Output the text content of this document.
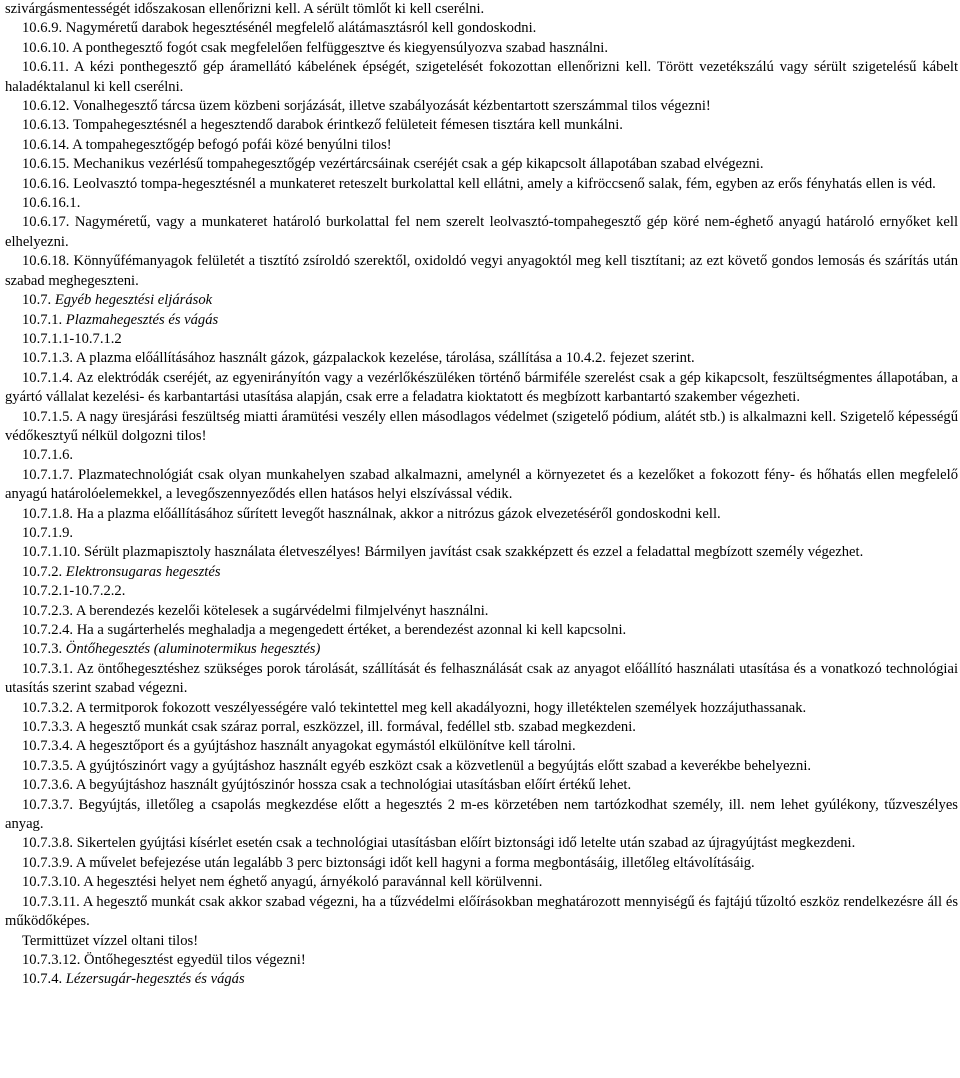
szivárgásmentességét időszakosan ellenőrizni kell. A sérült tömlőt ki kell cserélni.

10.6.9. Nagyméretű darabok hegesztésénél megfelelő alátámasztásról kell gondoskodni.

10.6.10. A ponthegesztő fogót csak megfelelően felfüggesztve és kiegyensúlyozva szabad használni.

10.6.11. A kézi ponthegesztő gép áramellátó kábelének épségét, szigetelését fokozottan ellenőrizni kell. Törött vezetékszálú vagy sérült szigetelésű kábelt haladéktalanul ki kell cserélni.

10.6.12. Vonalhegesztő tárcsa üzem közbeni sorjázását, illetve szabályozását kézbentartott szerszámmal tilos végezni!

10.6.13. Tompahegesztésnél a hegesztendő darabok érintkező felületeit fémesen tisztára kell munkálni.

10.6.14. A tompahegesztőgép befogó pofái közé benyúlni tilos!

10.6.15. Mechanikus vezérlésű tompahegesztőgép vezértárcsáinak cseréjét csak a gép kikapcsolt állapotában szabad elvégezni.

10.6.16. Leolvasztó tompa-hegesztésnél a munkateret reteszelt burkolattal kell ellátni, amely a kifröccsenő salak, fém, egyben az erős fényhatás ellen is véd.

10.6.16.1.

10.6.17. Nagyméretű, vagy a munkateret határoló burkolattal fel nem szerelt leolvasztó-tompahegesztő gép köré nem-éghető anyagú határoló ernyőket kell elhelyezni.

10.6.18. Könnyűfémanyagok felületét a tisztító zsíroldó szerektől, oxidoldó vegyi anyagoktól meg kell tisztítani; az ezt követő gondos lemosás és szárítás után szabad meghegeszteni.

10.7. Egyéb hegesztési eljárások

10.7.1. Plazmahegesztés és vágás

10.7.1.1-10.7.1.2

10.7.1.3. A plazma előállításához használt gázok, gázpalackok kezelése, tárolása, szállítása a 10.4.2. fejezet szerint.

10.7.1.4. Az elektródák cseréjét, az egyenirányítón vagy a vezérlőkészüléken történő bármiféle szerelést csak a gép kikapcsolt, feszültségmentes állapotában, a gyártó vállalat kezelési- és karbantartási utasítása alapján, csak erre a feladatra kioktatott és megbízott karbantartó szakember végezheti.

10.7.1.5. A nagy üresjárási feszültség miatti áramütési veszély ellen másodlagos védelmet (szigetelő pódium, alátét stb.) is alkalmazni kell. Szigetelő képességű védőkesztyű nélkül dolgozni tilos!

10.7.1.6.

10.7.1.7. Plazmatechnológiát csak olyan munkahelyen szabad alkalmazni, amelynél a környezetet és a kezelőket a fokozott fény- és hőhatás ellen megfelelő anyagú határolóelemekkel, a levegőszennyeződés ellen hatásos helyi elszívással védik.

10.7.1.8. Ha a plazma előállításához sűrített levegőt használnak, akkor a nitrózus gázok elvezetéséről gondoskodni kell.

10.7.1.9.

10.7.1.10. Sérült plazmapisztoly használata életveszélyes! Bármilyen javítást csak szakképzett és ezzel a feladattal megbízott személy végezhet.

10.7.2. Elektronsugaras hegesztés

10.7.2.1-10.7.2.2.

10.7.2.3. A berendezés kezelői kötelesek a sugárvédelmi filmjelvényt használni.

10.7.2.4. Ha a sugárterhelés meghaladja a megengedett értéket, a berendezést azonnal ki kell kapcsolni.

10.7.3. Öntőhegesztés (aluminotermikus hegesztés)

10.7.3.1. Az öntőhegesztéshez szükséges porok tárolását, szállítását és felhasználását csak az anyagot előállító használati utasítása és a vonatkozó technológiai utasítás szerint szabad végezni.

10.7.3.2. A termitporok fokozott veszélyességére való tekintettel meg kell akadályozni, hogy illetéktelen személyek hozzájuthassanak.

10.7.3.3. A hegesztő munkát csak száraz porral, eszközzel, ill. formával, fedéllel stb. szabad megkezdeni.

10.7.3.4. A hegesztőport és a gyújtáshoz használt anyagokat egymástól elkülönítve kell tárolni.

10.7.3.5. A gyújtószinórt vagy a gyújtáshoz használt egyéb eszközt csak a közvetlenül a begyújtás előtt szabad a keverékbe behelyezni.

10.7.3.6. A begyújtáshoz használt gyújtószinór hossza csak a technológiai utasításban előírt értékű lehet.

10.7.3.7. Begyújtás, illetőleg a csapolás megkezdése előtt a hegesztés 2 m-es körzetében nem tartózkodhat személy, ill. nem lehet gyúlékony, tűzveszélyes anyag.

10.7.3.8. Sikertelen gyújtási kísérlet esetén csak a technológiai utasításban előírt biztonsági idő letelte után szabad az újragyújtást megkezdeni.

10.7.3.9. A művelet befejezése után legalább 3 perc biztonsági időt kell hagyni a forma megbontásáig, illetőleg eltávolításáig.

10.7.3.10. A hegesztési helyet nem éghető anyagú, árnyékoló paravánnal kell körülvenni.

10.7.3.11. A hegesztő munkát csak akkor szabad végezni, ha a tűzvédelmi előírásokban meghatározott mennyiségű és fajtájú tűzoltó eszköz rendelkezésre áll és működőképes.

Termittüzet vízzel oltani tilos!

10.7.3.12. Öntőhegesztést egyedül tilos végezni!

10.7.4. Lézersugár-hegesztés és vágás
